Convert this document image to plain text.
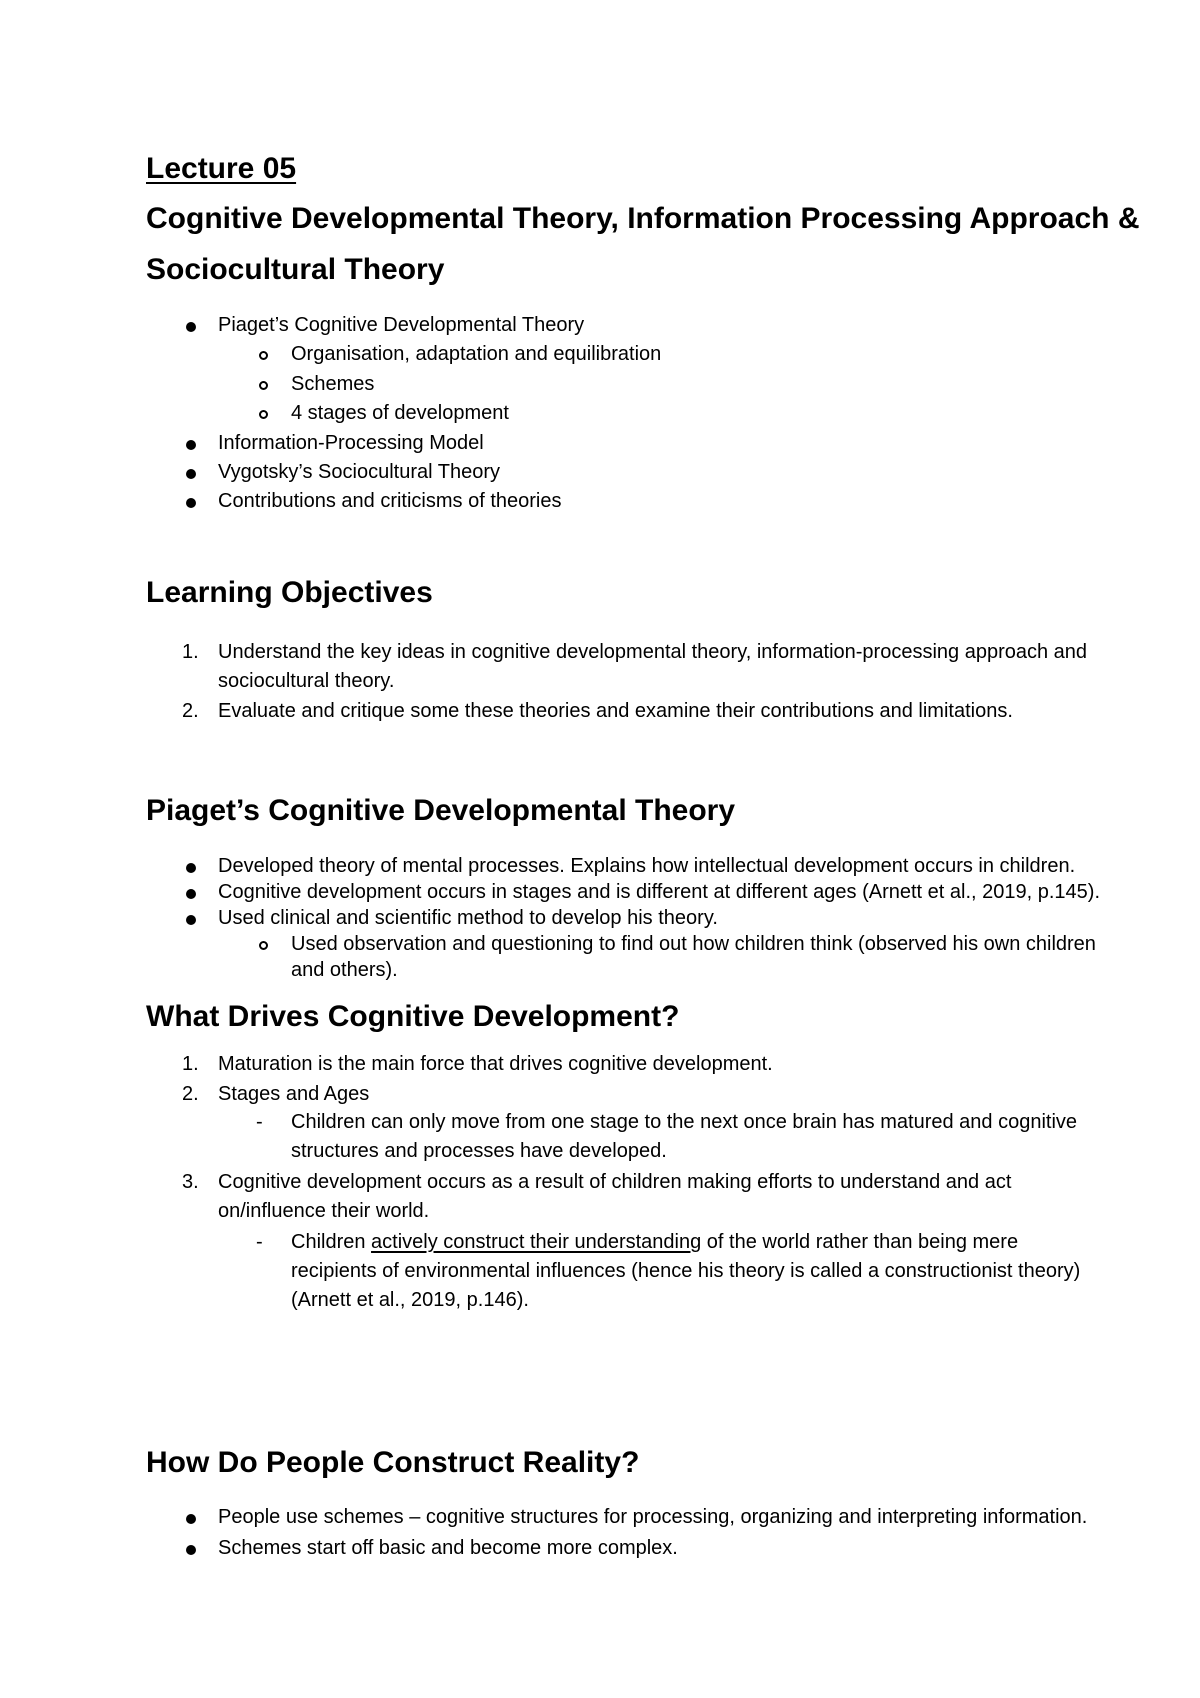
Lecture 05
Cognitive Developmental Theory, Information Processing Approach &
Sociocultural Theory
Piaget’s Cognitive Developmental Theory
Organisation, adaptation and equilibration
Schemes
4 stages of development
Information-Processing Model
Vygotsky’s Sociocultural Theory
Contributions and criticisms of theories
Learning Objectives
1. Understand the key ideas in cognitive developmental theory, information-processing approach and
sociocultural theory.
2. Evaluate and critique some these theories and examine their contributions and limitations.
Piaget’s Cognitive Developmental Theory
Developed theory of mental processes. Explains how intellectual development occurs in children.
Cognitive development occurs in stages and is different at different ages (Arnett et al., 2019, p.145).
Used clinical and scientific method to develop his theory.
Used observation and questioning to find out how children think (observed his own children
and others).
What Drives Cognitive Development?
1. Maturation is the main force that drives cognitive development.
2. Stages and Ages
- Children can only move from one stage to the next once brain has matured and cognitive
structures and processes have developed.
3. Cognitive development occurs as a result of children making efforts to understand and act
on/influence their world.
- Children actively construct their understanding of the world rather than being mere
recipients of environmental influences (hence his theory is called a constructionist theory)
(Arnett et al., 2019, p.146).
How Do People Construct Reality?
People use schemes – cognitive structures for processing, organizing and interpreting information.
Schemes start off basic and become more complex.
